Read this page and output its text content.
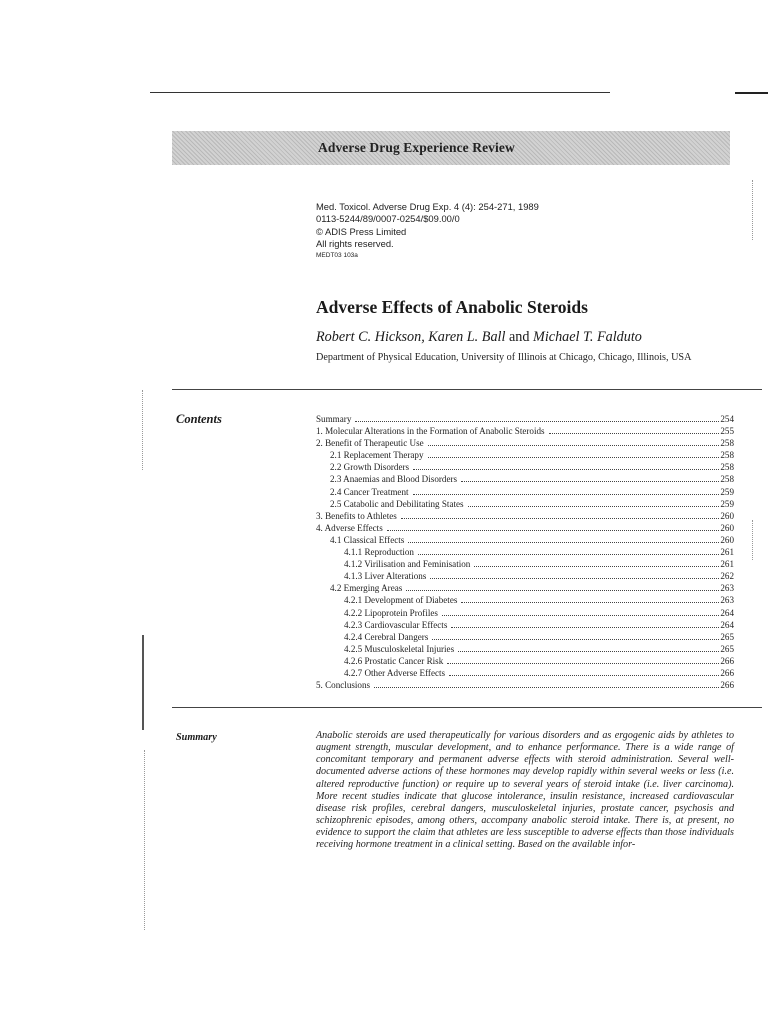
Adverse Drug Experience Review
Med. Toxicol. Adverse Drug Exp. 4 (4): 254-271, 1989
0113-5244/89/0007-0254/$09.00/0
© ADIS Press Limited
All rights reserved.
MEDT03 103a
Adverse Effects of Anabolic Steroids
Robert C. Hickson, Karen L. Ball and Michael T. Falduto
Department of Physical Education, University of Illinois at Chicago, Chicago, Illinois, USA
Contents	Summary	254
1. Molecular Alterations in the Formation of Anabolic Steroids	255
2. Benefit of Therapeutic Use	258
2.1 Replacement Therapy	258
2.2 Growth Disorders	258
2.3 Anaemias and Blood Disorders	258
2.4 Cancer Treatment	259
2.5 Catabolic and Debilitating States	259
3. Benefits to Athletes	260
4. Adverse Effects	260
4.1 Classical Effects	260
4.1.1 Reproduction	261
4.1.2 Virilisation and Feminisation	261
4.1.3 Liver Alterations	262
4.2 Emerging Areas	263
4.2.1 Development of Diabetes	263
4.2.2 Lipoprotein Profiles	264
4.2.3 Cardiovascular Effects	264
4.2.4 Cerebral Dangers	265
4.2.5 Musculoskeletal Injuries	265
4.2.6 Prostatic Cancer Risk	266
4.2.7 Other Adverse Effects	266
5. Conclusions	266
Summary	Anabolic steroids are used therapeutically for various disorders and as ergogenic aids by athletes to augment strength, muscular development, and to enhance performance. There is a wide range of concomitant temporary and permanent adverse effects with steroid administration. Several well-documented adverse actions of these hormones may develop rapidly within several weeks or less (i.e. altered reproductive function) or require up to several years of steroid intake (i.e. liver carcinoma). More recent studies indicate that glucose intolerance, insulin resistance, increased cardiovascular disease risk profiles, cerebral dangers, musculoskeletal injuries, prostate cancer, psychosis and schizophrenic episodes, among others, accompany anabolic steroid intake. There is, at present, no evidence to support the claim that athletes are less susceptible to adverse effects than those individuals receiving hormone treatment in a clinical setting. Based on the available infor-
